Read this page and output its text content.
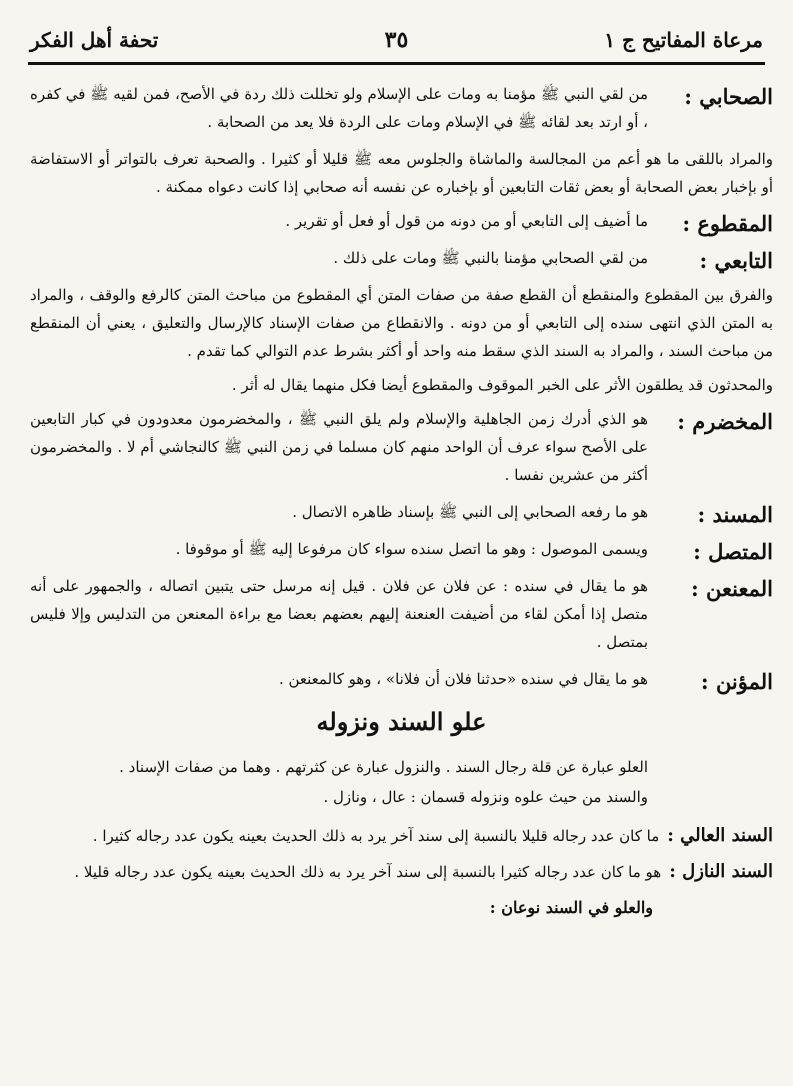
مرعاة المفاتيح ج ١
٣٥
تحفة أهل الفكر
الصحابي :

من لقي النبي ﷺ مؤمنا به ومات على الإسلام ولو تخللت ذلك ردة في الأصح، فمن لقيه ﷺ في كفره ، أو ارتد بعد لقائه ﷺ في الإسلام ومات على الردة فلا يعد من الصحابة .

والمراد باللقى ما هو أعم من المجالسة والماشاة والجلوس معه ﷺ قليلا أو كثيرا . والصحبة تعرف بالتواتر أو الاستفاضة أو بإخبار بعض الصحابة أو بعض ثقات التابعين أو بإخباره عن نفسه أنه صحابي إذا كانت دعواه ممكنة .
المقطوع :

ما أضيف إلى التابعي أو من دونه من قول أو فعل أو تقرير .

التابعي :

من لقي الصحابي مؤمنا بالنبي ﷺ ومات على ذلك .

والفرق بين المقطوع والمنقطع أن القطع صفة من صفات المتن أي المقطوع من مباحث المتن كالرفع والوقف ، والمراد به المتن الذي انتهى سنده إلى التابعي أو من دونه . والانقطاع من صفات الإسناد كالإرسال والتعليق ، يعني أن المنقطع من مباحث السند ، والمراد به السند الذي سقط منه واحد أو أكثر بشرط عدم التوالي كما تقدم .
والمحدثون قد يطلقون الأثر على الخبر الموقوف والمقطوع أيضا فكل منهما يقال له أثر .
المخضرم :

هو الذي أدرك زمن الجاهلية والإسلام ولم يلق النبي ﷺ ، والمخضرمون معدودون في كبار التابعين على الأصح سواء عرف أن الواحد منهم كان مسلما في زمن النبي ﷺ كالنجاشي أم لا . والمخضرمون أكثر من عشرين نفسا .

المسند :

هو ما رفعه الصحابي إلى النبي ﷺ بإسناد ظاهره الاتصال .

المتصل :

ويسمى الموصول : وهو ما اتصل سنده سواء كان مرفوعا إليه ﷺ أو موقوفا .

المعنعن :

هو ما يقال في سنده : عن فلان عن فلان . قيل إنه مرسل حتى يتبين اتصاله ، والجمهور على أنه متصل إذا أمكن لقاء من أضيفت العنعنة إليهم بعضهم بعضا مع براءة المعنعن من التدليس وإلا فليس بمتصل .

المؤنن :

هو ما يقال في سنده «حدثنا فلان أن فلانا» ، وهو كالمعنعن .

علو السند ونزوله
العلو عبارة عن قلة رجال السند . والنزول عبارة عن كثرتهم . وهما من صفات الإسناد .
والسند من حيث علوه ونزوله قسمان : عال ، ونازل .
السند العالي :
ما كان عدد رجاله قليلا بالنسبة إلى سند آخر يرد به ذلك الحديث بعينه يكون عدد رجاله كثيرا .
السند النازل :
هو ما كان عدد رجاله كثيرا بالنسبة إلى سند آخر يرد به ذلك الحديث بعينه يكون عدد رجاله قليلا .
والعلو في السند نوعان :
